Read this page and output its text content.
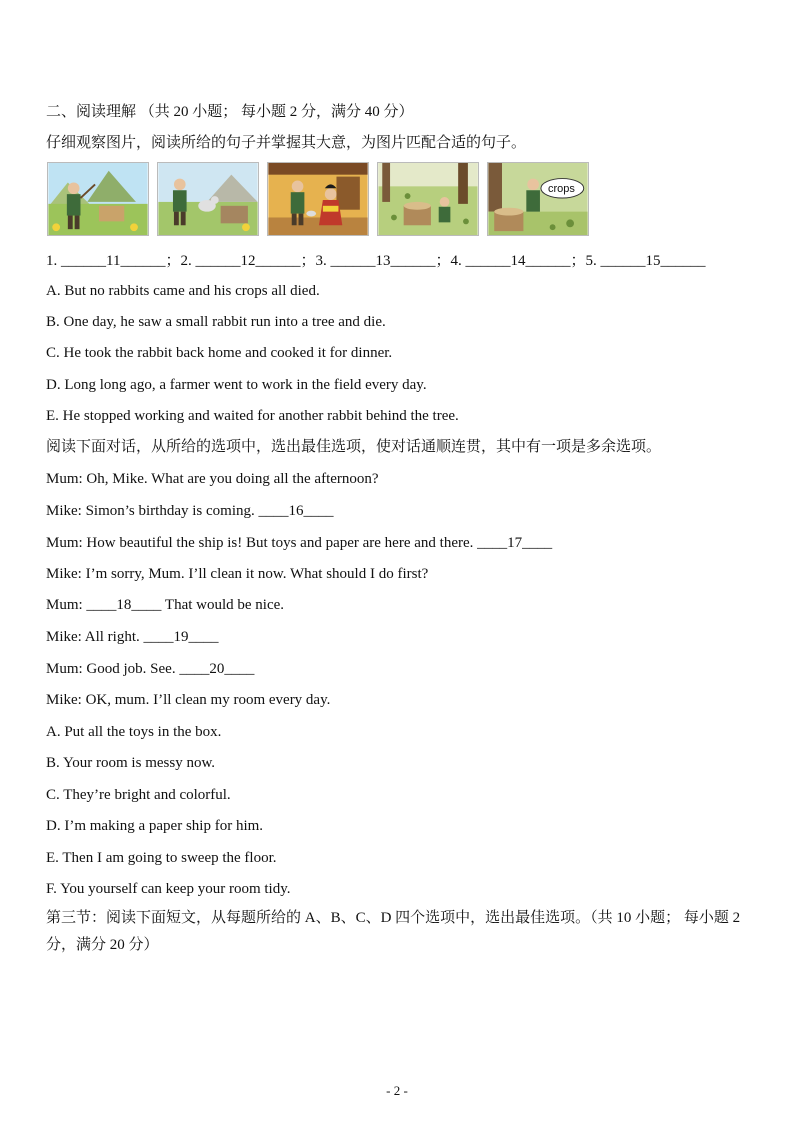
二、阅读理解 （共 20 小题； 每小题 2 分，满分 40 分）
仔细观察图片，阅读所给的句子并掌握其大意，为图片匹配合适的句子。
crops
1. ______11______；2. ______12______；3. ______13______；4. ______14______；5. ______15______
A. But no rabbits came and his crops all died.
B. One day, he saw a small rabbit run into a tree and die.
C. He took the rabbit back home and cooked it for dinner.
D. Long long ago, a farmer went to work in the field every day.
E. He stopped working and waited for another rabbit behind the tree.
阅读下面对话，从所给的选项中，选出最佳选项，使对话通顺连贯，其中有一项是多余选项。
Mum: Oh, Mike. What are you doing all the afternoon?
Mike: Simon’s birthday is coming. ____16____
Mum: How beautiful the ship is! But toys and paper are here and there. ____17____
Mike: I’m sorry, Mum. I’ll clean it now. What should I do first?
Mum: ____18____ That would be nice.
Mike: All right. ____19____
Mum: Good job. See. ____20____
Mike: OK, mum. I’ll clean my room every day.
A. Put all the toys in the box.
B. Your room is messy now.
C. They’re bright and colorful.
D. I’m making a paper ship for him.
E. Then I am going to sweep the floor.
F. You yourself can keep your room tidy.
第三节：阅读下面短文，从每题所给的 A、B、C、D 四个选项中，选出最佳选项。（共 10 小题； 每小题 2 分，满分 20 分）
- 2 -
